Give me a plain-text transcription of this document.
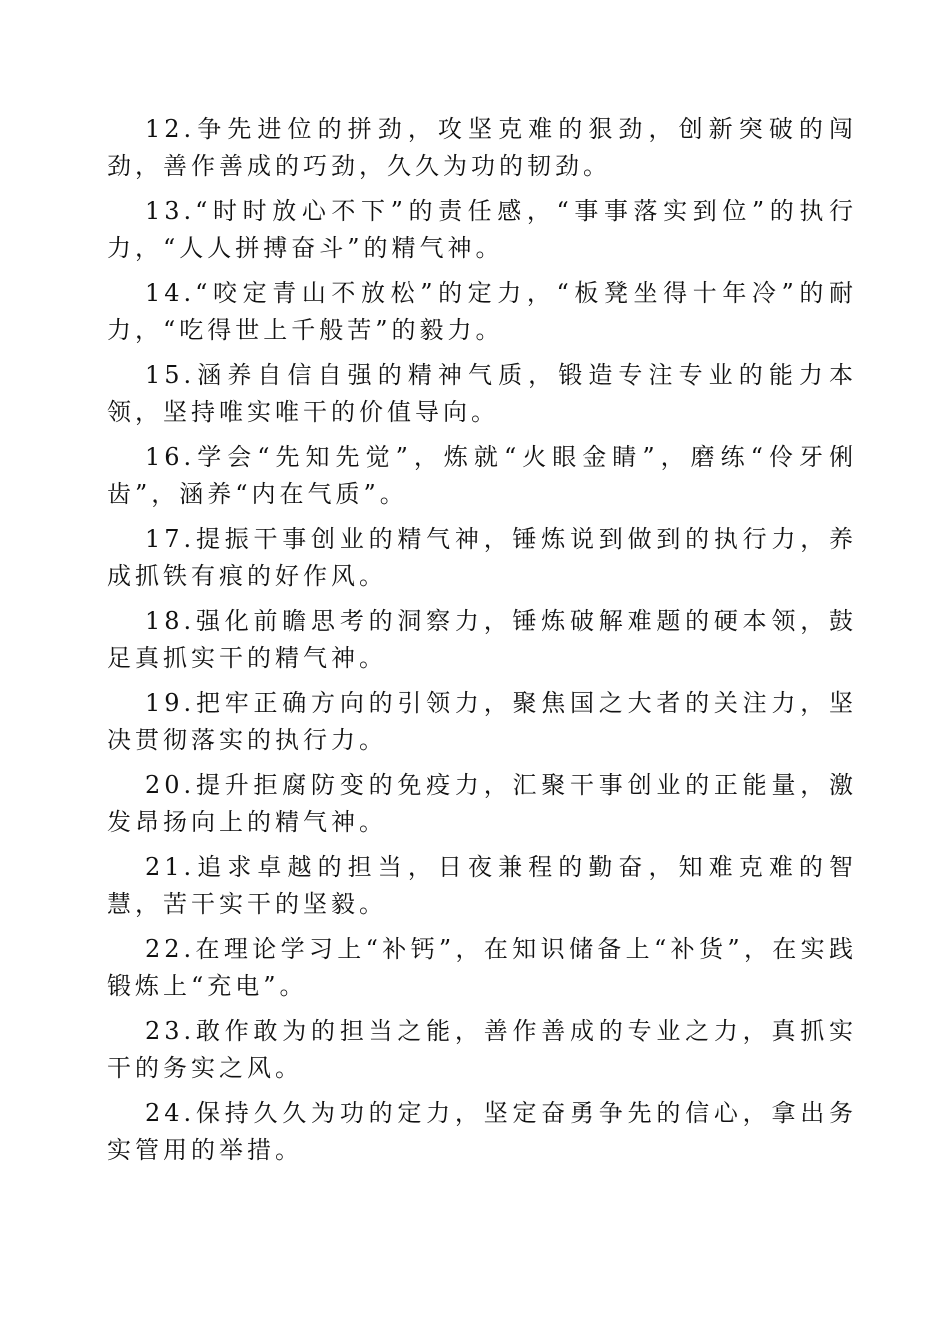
12.争先进位的拼劲，攻坚克难的狠劲，创新突破的闯劲，善作善成的巧劲，久久为功的韧劲。

13.“时时放心不下”的责任感，“事事落实到位”的执行力，“人人拼搏奋斗”的精气神。

14.“咬定青山不放松”的定力，“板凳坐得十年冷”的耐力，“吃得世上千般苦”的毅力。

15.涵养自信自强的精神气质，锻造专注专业的能力本领，坚持唯实唯干的价值导向。

16.学会“先知先觉”，炼就“火眼金睛”，磨练“伶牙俐齿”，涵养“内在气质”。

17.提振干事创业的精气神，锤炼说到做到的执行力，养成抓铁有痕的好作风。

18.强化前瞻思考的洞察力，锤炼破解难题的硬本领，鼓足真抓实干的精气神。

19.把牢正确方向的引领力，聚焦国之大者的关注力，坚决贯彻落实的执行力。

20.提升拒腐防变的免疫力，汇聚干事创业的正能量，激发昂扬向上的精气神。

21.追求卓越的担当，日夜兼程的勤奋，知难克难的智慧，苦干实干的坚毅。

22.在理论学习上“补钙”，在知识储备上“补货”，在实践锻炼上“充电”。

23.敢作敢为的担当之能，善作善成的专业之力，真抓实干的务实之风。

24.保持久久为功的定力，坚定奋勇争先的信心，拿出务实管用的举措。
